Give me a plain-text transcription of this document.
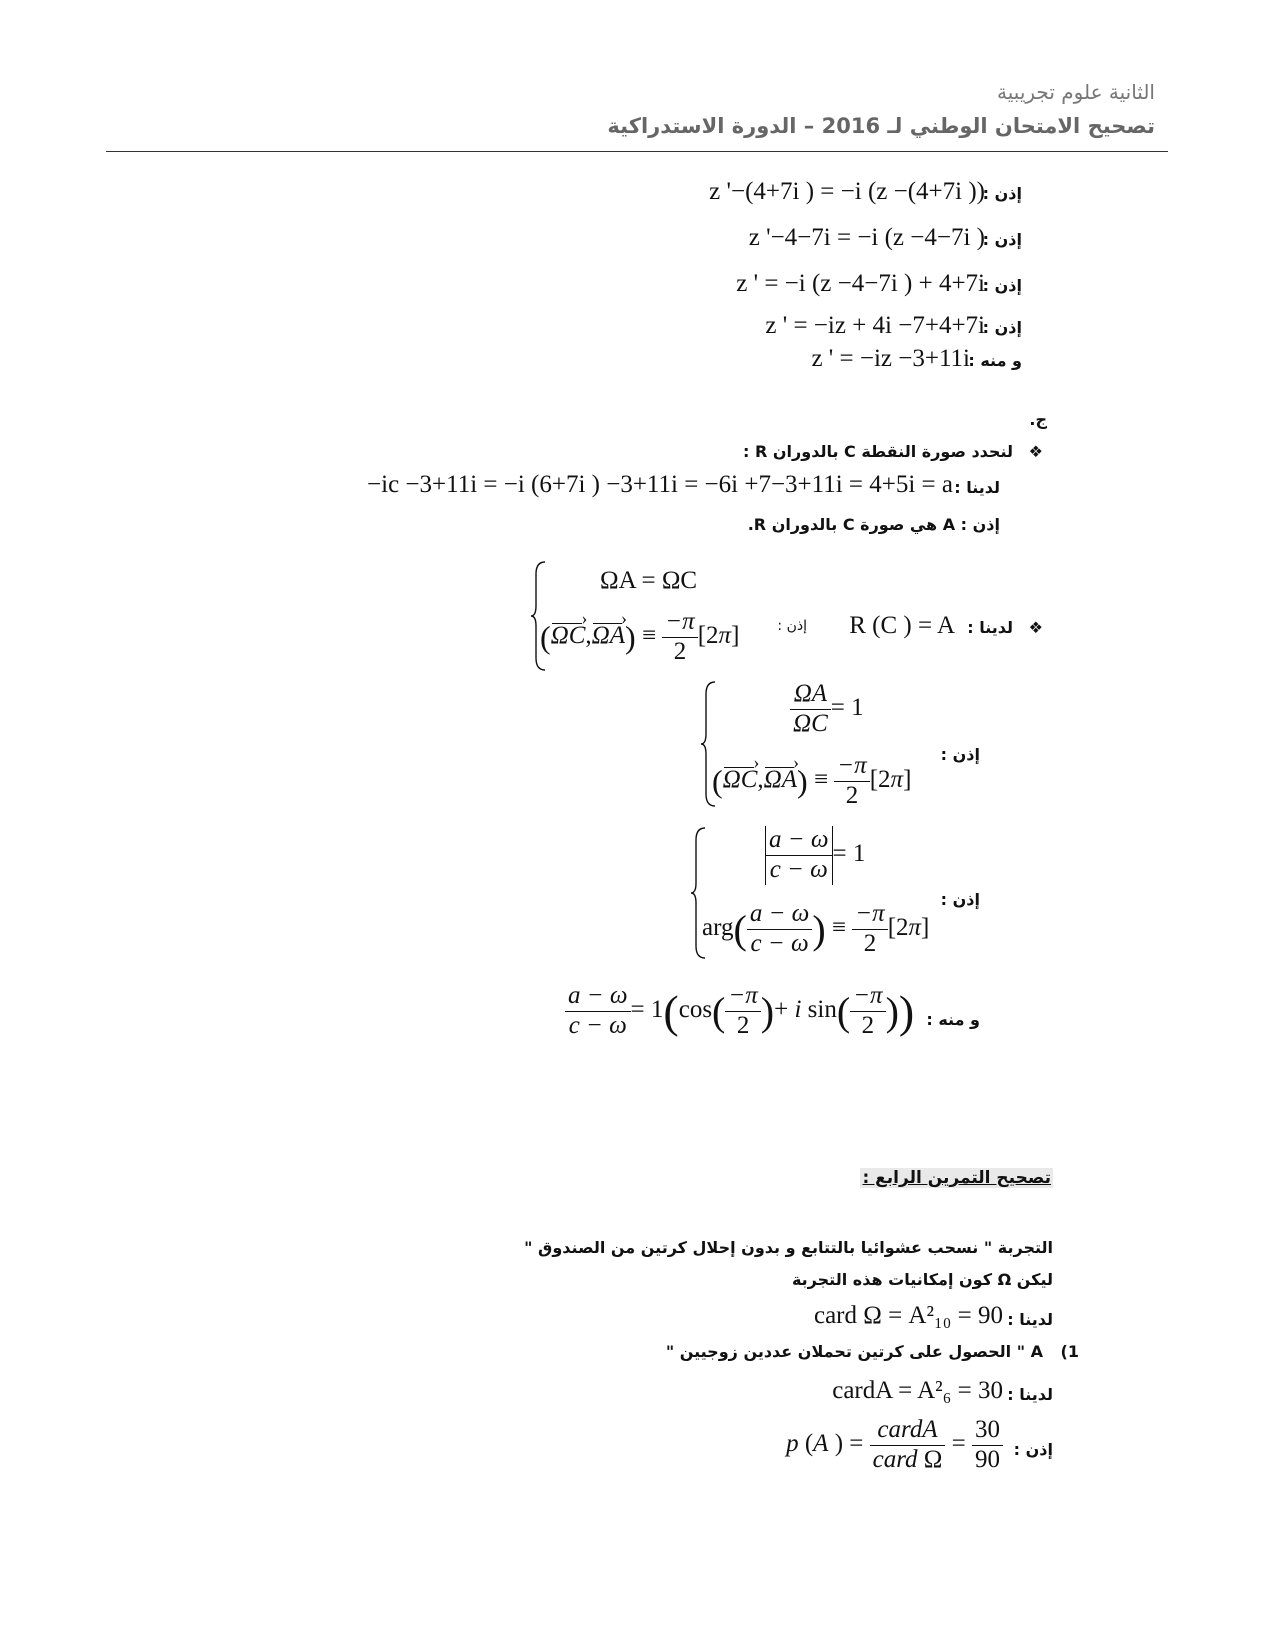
الثانية علوم تجريبية
تصحيح الامتحان الوطني لـ 2016 – الدورة الاستدراكية
إذن :
z '−(4+7i ) = −i (z −(4+7i ))
إذن :
z '−4−7i = −i (z −4−7i )
إذن :
z ' = −i (z −4−7i ) + 4+7i
إذن :
z ' = −iz + 4i −7+4+7i
و منه :
z ' = −iz −3+11i
ج.
❖
لنحدد صورة النقطة C بالدوران R :
لدينا :
−ic −3+11i = −i (6+7i ) −3+11i = −6i +7−3+11i = 4+5i = a
إذن : A هي صورة C بالدوران R.
❖
لدينا :
R (C ) = A
إذن :
ΩA = ΩC
(ΩC ›,ΩA ›) ≡ $\frac{-\pi}{2} [2\pi]$
إذن :
$\frac{\Omega A}{\Omega C} = 1$
(ΩC ›,ΩA ›) ≡ $\frac{-\pi}{2} [2\pi]$
إذن :
$\frac{a - \omega}{c - \omega} = 1$
$arg( \frac{a - \omega}{c - \omega}$ ) ≡ $\frac{-\pi}{2} [2\pi]$
و منه :
$\frac{a - \omega}{c - \omega} = 1(\cos( \frac{-\pi}{2}$ )+ i $\sin( \frac{-\pi}{2}$ ))
تصحيح التمرين الرابع :
التجربة " نسحب عشوائيا بالتتابع و بدون إحلال كرتين من الصندوق "
ليكن Ω كون إمكانيات هذه التجربة
لدينا :
card Ω = A²₁₀ = 90
1)
A " الحصول على كرتين تحملان عددين زوجيين "
لدينا :
cardA = A²₆ = 30
إذن :
p (A ) = $\frac{\text{cardA}}{\text{card Ω}} = \frac{30}{90}$
